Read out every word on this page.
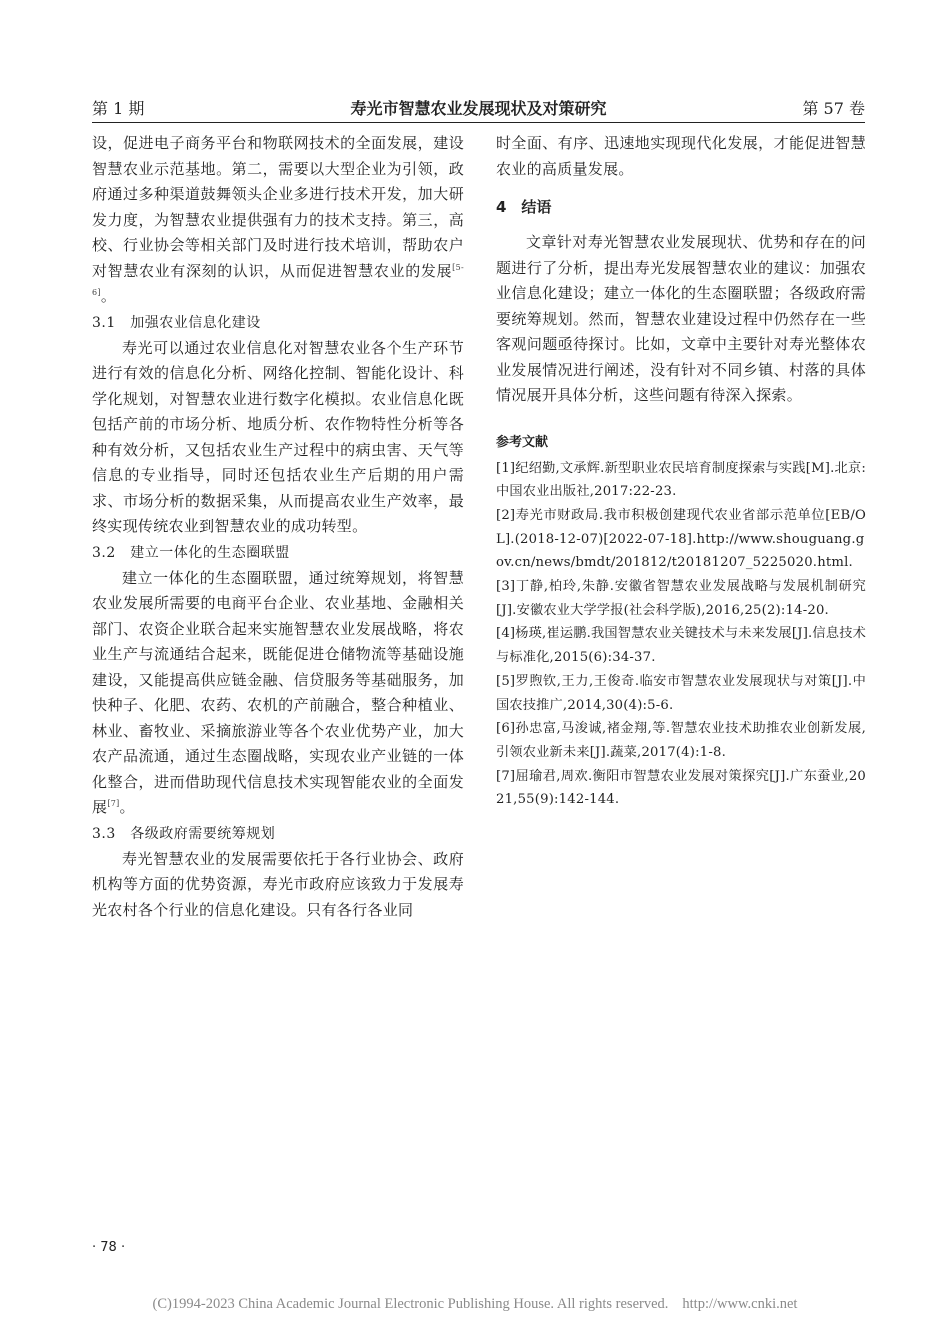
第 1 期	寿光市智慧农业发展现状及对策研究	第 57 卷

设，促进电子商务平台和物联网技术的全面发展，建设智慧农业示范基地。第二，需要以大型企业为引领，政府通过多种渠道鼓舞领头企业多进行技术开发，加大研发力度，为智慧农业提供强有力的技术支持。第三，高校、行业协会等相关部门及时进行技术培训，帮助农户对智慧农业有深刻的认识，从而促进智慧农业的发展[5-6]。

3.1　加强农业信息化建设

寿光可以通过农业信息化对智慧农业各个生产环节进行有效的信息化分析、网络化控制、智能化设计、科学化规划，对智慧农业进行数字化模拟。农业信息化既包括产前的市场分析、地质分析、农作物特性分析等各种有效分析，又包括农业生产过程中的病虫害、天气等信息的专业指导，同时还包括农业生产后期的用户需求、市场分析的数据采集，从而提高农业生产效率，最终实现传统农业到智慧农业的成功转型。

3.2　建立一体化的生态圈联盟

建立一体化的生态圈联盟，通过统筹规划，将智慧农业发展所需要的电商平台企业、农业基地、金融相关部门、农资企业联合起来实施智慧农业发展战略，将农业生产与流通结合起来，既能促进仓储物流等基础设施建设，又能提高供应链金融、信贷服务等基础服务，加快种子、化肥、农药、农机的产前融合，整合种植业、林业、畜牧业、采摘旅游业等各个农业优势产业，加大农产品流通，通过生态圈战略，实现农业产业链的一体化整合，进而借助现代信息技术实现智能农业的全面发展[7]。

3.3　各级政府需要统筹规划

寿光智慧农业的发展需要依托于各行业协会、政府机构等方面的优势资源，寿光市政府应该致力于发展寿光农村各个行业的信息化建设。只有各行各业同

时全面、有序、迅速地实现现代化发展，才能促进智慧农业的高质量发展。

4　结语

文章针对寿光智慧农业发展现状、优势和存在的问题进行了分析，提出寿光发展智慧农业的建议：加强农业信息化建设；建立一体化的生态圈联盟；各级政府需要统筹规划。然而，智慧农业建设过程中仍然存在一些客观问题亟待探讨。比如，文章中主要针对寿光整体农业发展情况进行阐述，没有针对不同乡镇、村落的具体情况展开具体分析，这些问题有待深入探索。

参考文献

[1]纪绍勤,文承辉.新型职业农民培育制度探索与实践[M].北京:中国农业出版社,2017:22-23.

[2]寿光市财政局.我市积极创建现代农业省部示范单位[EB/OL].(2018-12-07)[2022-07-18].http://www.shouguang.gov.cn/news/bmdt/201812/t20181207_5225020.html.

[3]丁静,柏玲,朱静.安徽省智慧农业发展战略与发展机制研究[J].安徽农业大学学报(社会科学版),2016,25(2):14-20.

[4]杨瑛,崔运鹏.我国智慧农业关键技术与未来发展[J].信息技术与标准化,2015(6):34-37.

[5]罗煦钦,王力,王俊奇.临安市智慧农业发展现状与对策[J].中国农技推广,2014,30(4):5-6.

[6]孙忠富,马浚诚,褚金翔,等.智慧农业技术助推农业创新发展,引领农业新未来[J].蔬菜,2017(4):1-8.

[7]屈瑜君,周欢.衡阳市智慧农业发展对策探究[J].广东蚕业,2021,55(9):142-144.

· 78 ·
(C)1994-2023 China Academic Journal Electronic Publishing House. All rights reserved. http://www.cnki.net
